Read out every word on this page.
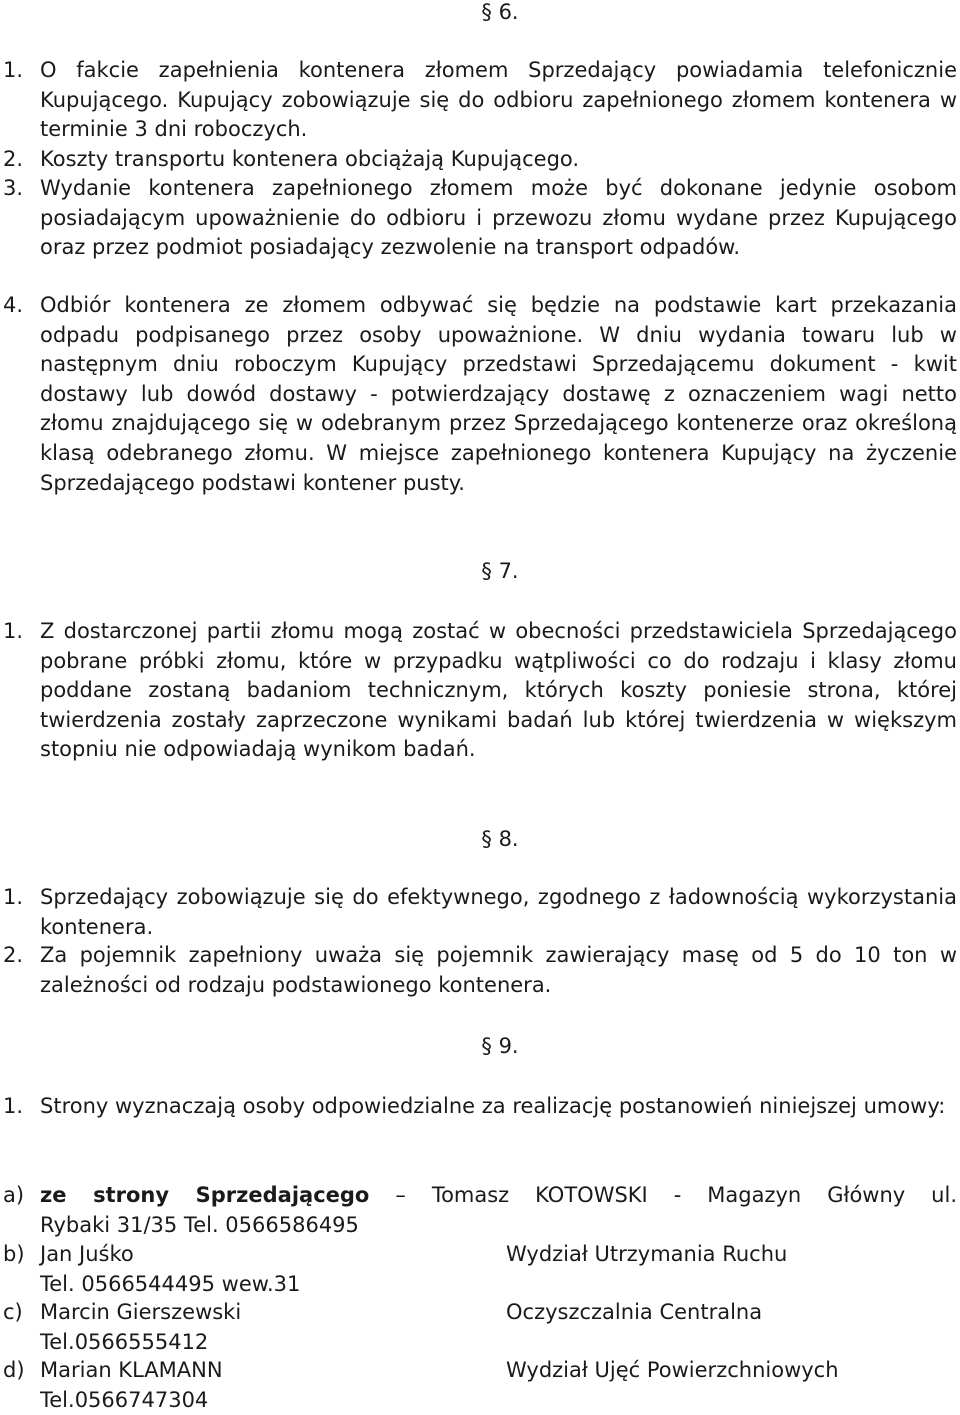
§ 6.
1. O fakcie zapełnienia kontenera złomem Sprzedający powiadamia telefonicznie Kupującego. Kupujący zobowiązuje się do odbioru zapełnionego złomem kontenera w terminie 3 dni roboczych.
2. Koszty transportu kontenera obciążają Kupującego.
3. Wydanie kontenera zapełnionego złomem może być dokonane jedynie osobom posiadającym upoważnienie do odbioru i przewozu złomu wydane przez Kupującego oraz przez podmiot posiadający zezwolenie na transport odpadów.
4. Odbiór kontenera ze złomem odbywać się będzie na podstawie kart przekazania odpadu podpisanego przez osoby upoważnione. W dniu wydania towaru lub w następnym dniu roboczym Kupujący przedstawi Sprzedającemu dokument - kwit dostawy lub dowód dostawy - potwierdzający dostawę z oznaczeniem wagi netto złomu znajdującego się w odebranym przez Sprzedającego kontenerze oraz określoną klasą odebranego złomu. W miejsce zapełnionego kontenera Kupujący na życzenie Sprzedającego podstawi kontener pusty.
§ 7.
1. Z dostarczonej partii złomu mogą zostać w obecności przedstawiciela Sprzedającego pobrane próbki złomu, które w przypadku wątpliwości co do rodzaju i klasy złomu poddane zostaną badaniom technicznym, których koszty poniesie strona, której twierdzenia zostały zaprzeczone wynikami badań lub której twierdzenia w większym stopniu nie odpowiadają wynikom badań.
§ 8.
1. Sprzedający zobowiązuje się do efektywnego, zgodnego z ładownością wykorzystania kontenera.
2. Za pojemnik zapełniony uważa się pojemnik zawierający masę od 5 do 10 ton w zależności od rodzaju podstawionego kontenera.
§ 9.
1. Strony wyznaczają osoby odpowiedzialne za realizację postanowień niniejszej umowy:
a) ze strony Sprzedającego – Tomasz KOTOWSKI - Magazyn Główny ul.
Rybaki 31/35 Tel. 0566586495
b) Jan Juśko	Wydział Utrzymania Ruchu
Tel. 0566544495 wew.31
c) Marcin Gierszewski	Oczyszczalnia Centralna
Tel.0566555412
d) Marian KLAMANN	Wydział Ujęć Powierzchniowych
Tel.0566747304
